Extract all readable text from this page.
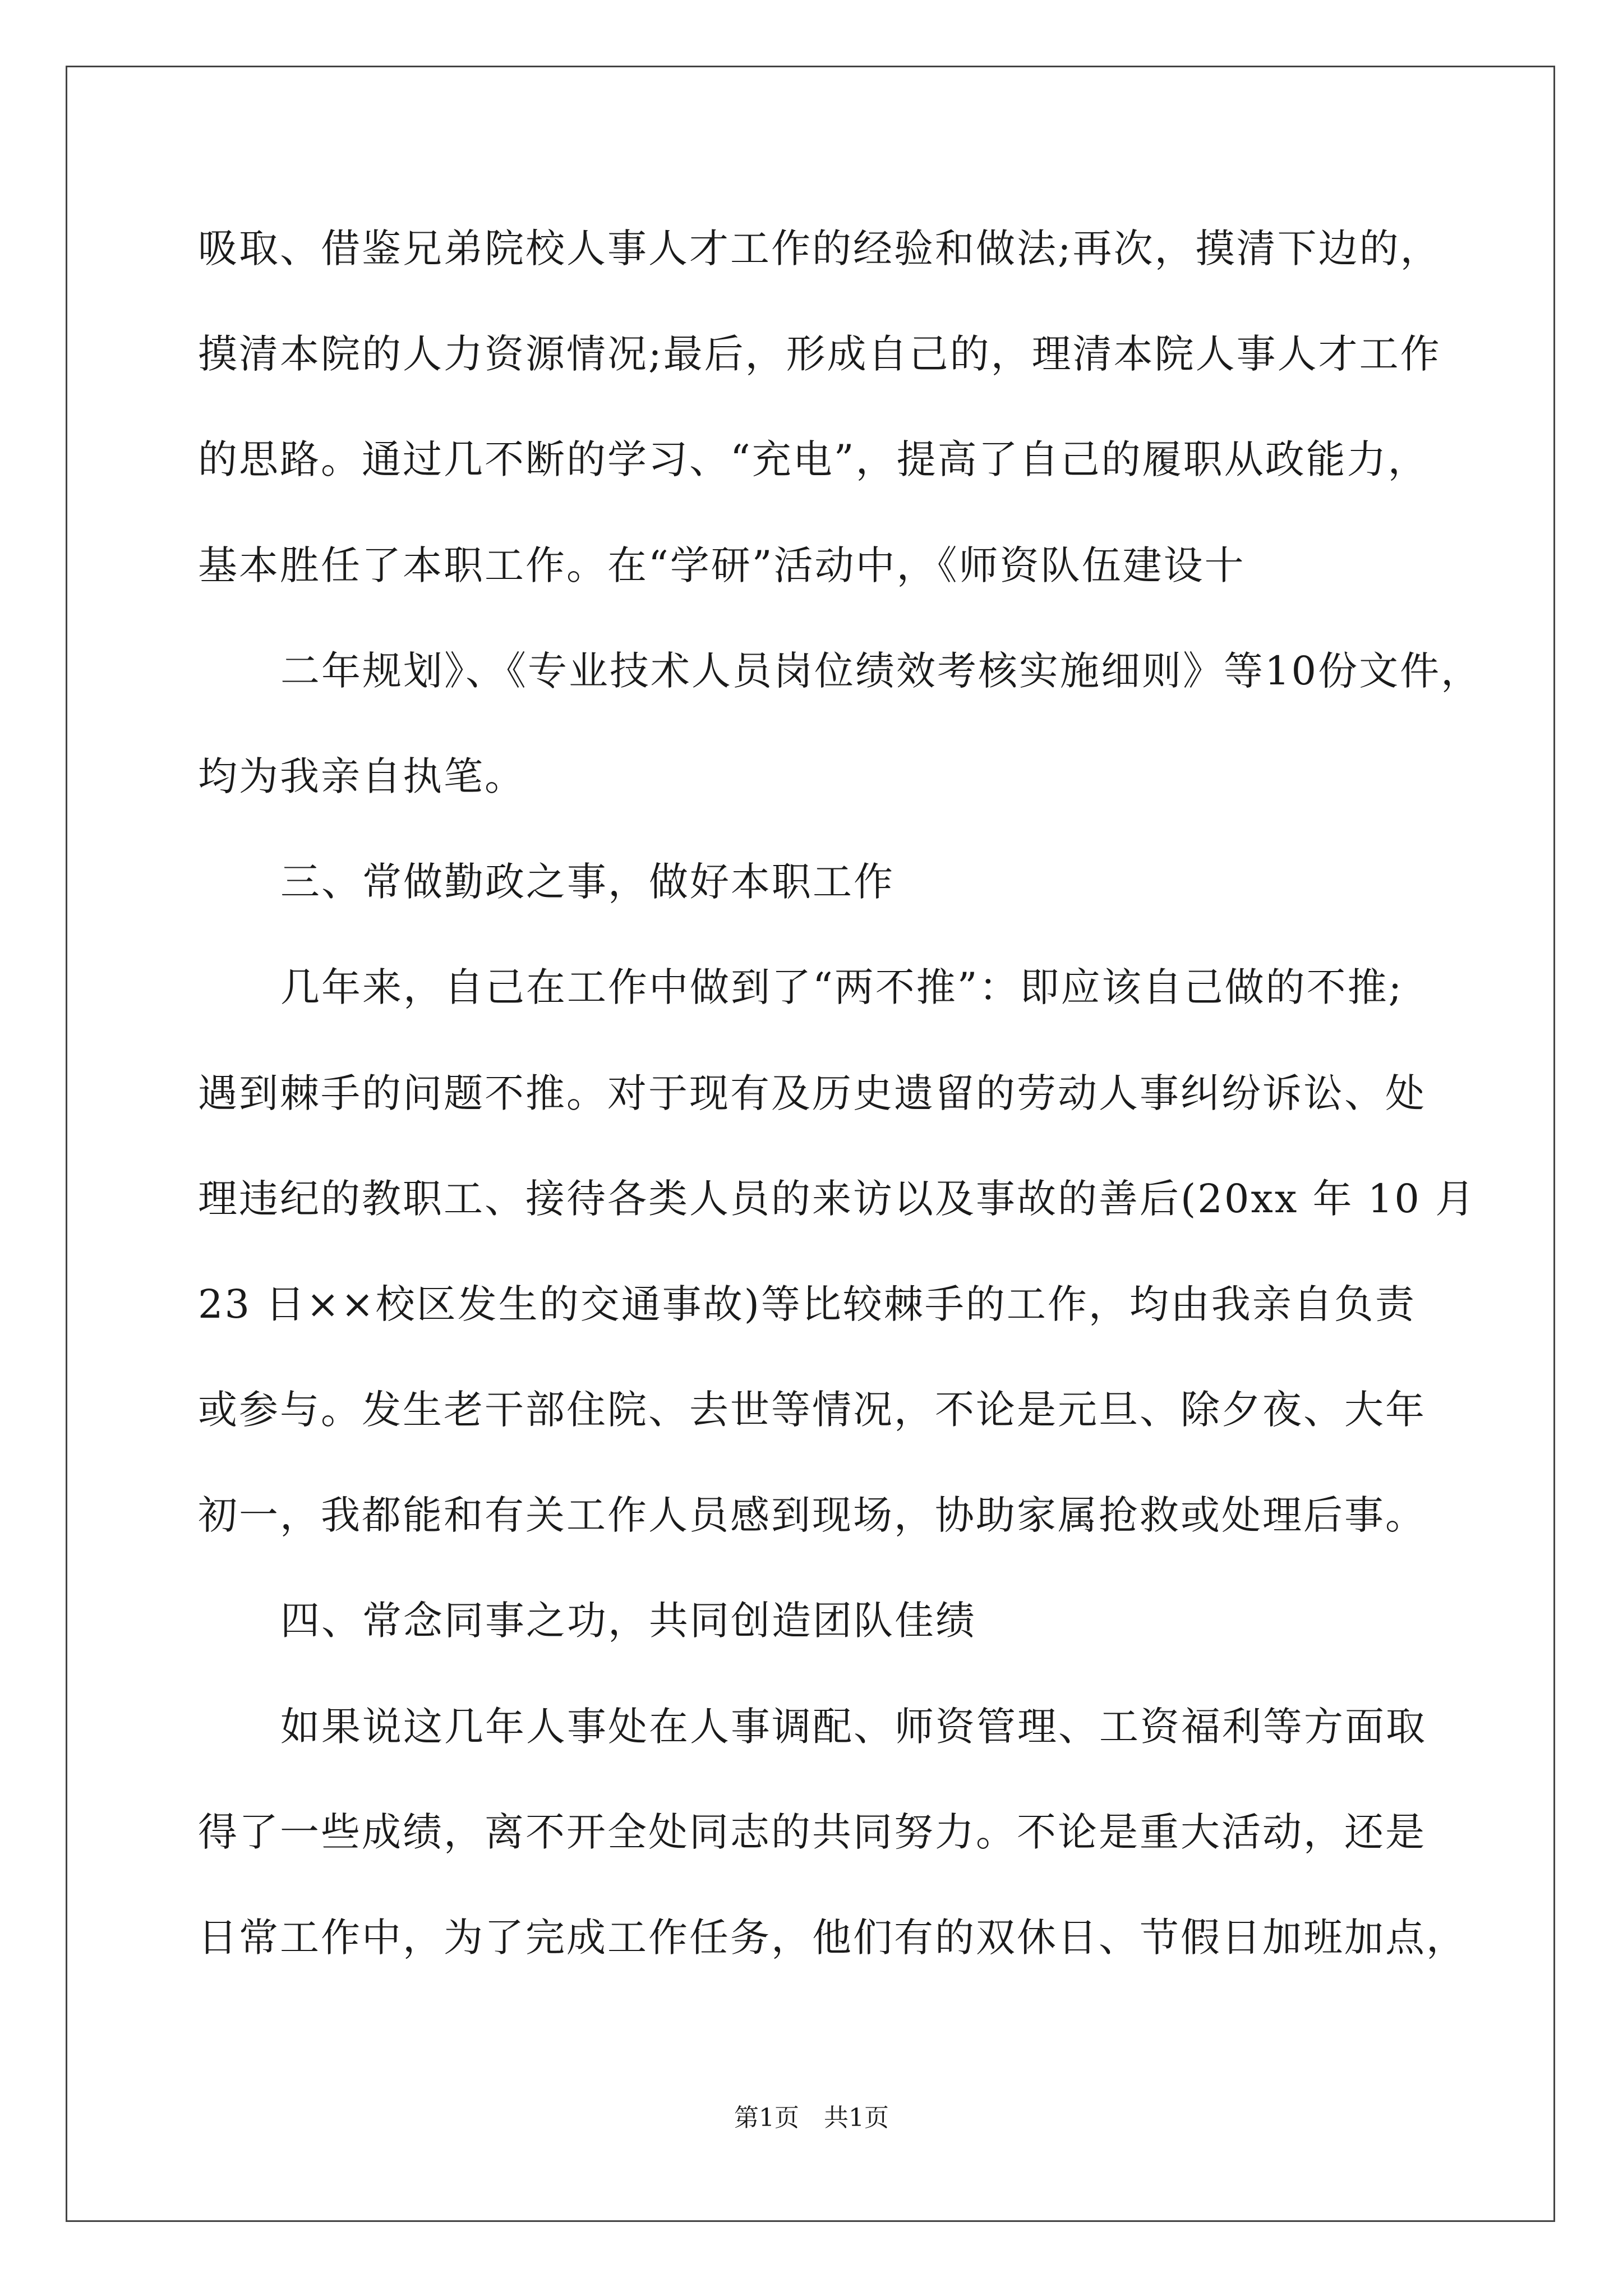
吸取、借鉴兄弟院校人事人才工作的经验和做法;再次，摸清下边的，
摸清本院的人力资源情况;最后，形成自己的，理清本院人事人才工作
的思路。通过几不断的学习、“充电”，提高了自己的履职从政能力，
基本胜任了本职工作。在“学研”活动中，《师资队伍建设十
二年规划》、《专业技术人员岗位绩效考核实施细则》等10份文件，
均为我亲自执笔。
三、常做勤政之事，做好本职工作
几年来，自己在工作中做到了“两不推”：即应该自己做的不推;
遇到棘手的问题不推。对于现有及历史遗留的劳动人事纠纷诉讼、处
理违纪的教职工、接待各类人员的来访以及事故的善后(20xx 年 10 月
23 日××校区发生的交通事故)等比较棘手的工作，均由我亲自负责
或参与。发生老干部住院、去世等情况，不论是元旦、除夕夜、大年
初一，我都能和有关工作人员感到现场，协助家属抢救或处理后事。
四、常念同事之功，共同创造团队佳绩
如果说这几年人事处在人事调配、师资管理、工资福利等方面取
得了一些成绩，离不开全处同志的共同努力。不论是重大活动，还是
日常工作中，为了完成工作任务，他们有的双休日、节假日加班加点，
第1页 共1页
